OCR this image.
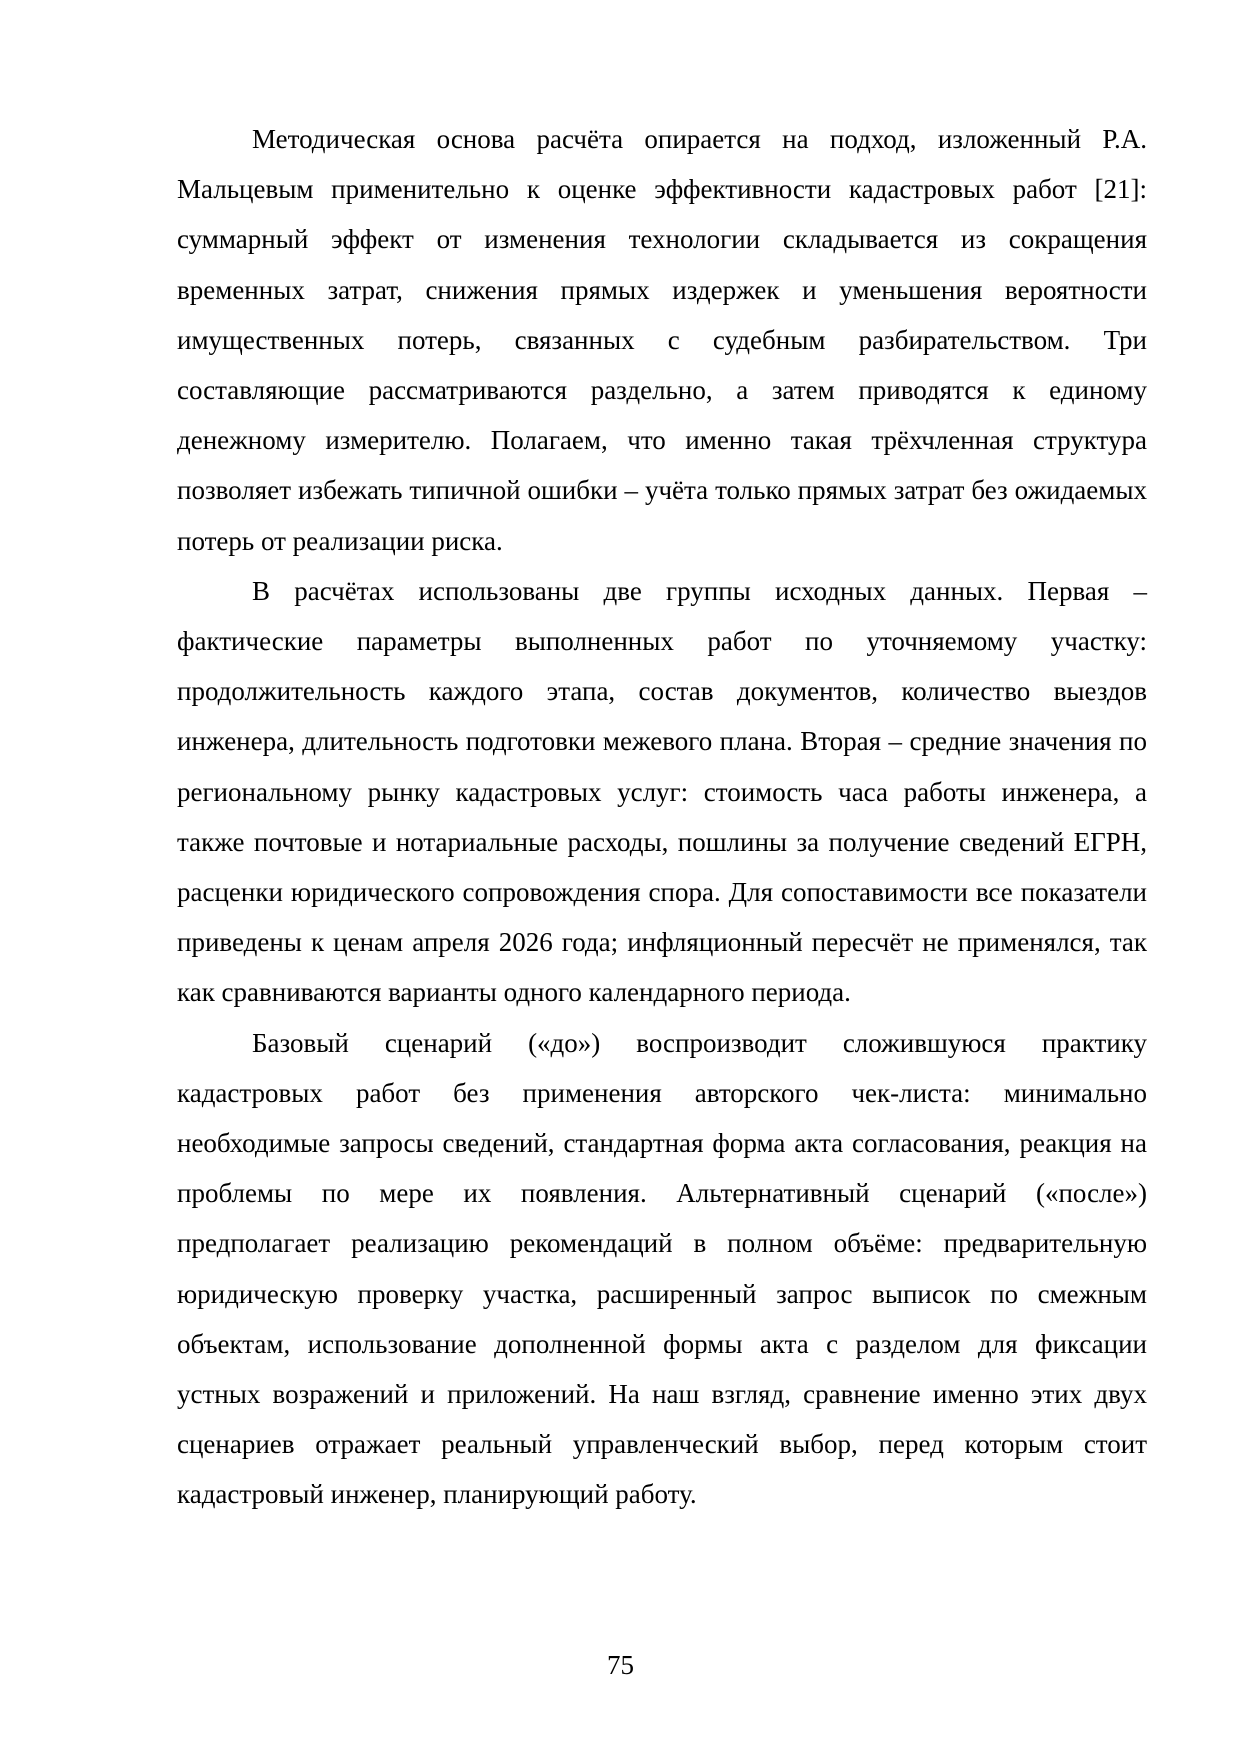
Методическая основа расчёта опирается на подход, изложенный Р.А. Мальцевым применительно к оценке эффективности кадастровых работ [21]: суммарный эффект от изменения технологии складывается из сокращения временных затрат, снижения прямых издержек и уменьшения вероятности имущественных потерь, связанных с судебным разбирательством. Три составляющие рассматриваются раздельно, а затем приводятся к единому денежному измерителю. Полагаем, что именно такая трёхчленная структура позволяет избежать типичной ошибки – учёта только прямых затрат без ожидаемых потерь от реализации риска.

В расчётах использованы две группы исходных данных. Первая – фактические параметры выполненных работ по уточняемому участку: продолжительность каждого этапа, состав документов, количество выездов инженера, длительность подготовки межевого плана. Вторая – средние значения по региональному рынку кадастровых услуг: стоимость часа работы инженера, а также почтовые и нотариальные расходы, пошлины за получение сведений ЕГРН, расценки юридического сопровождения спора. Для сопоставимости все показатели приведены к ценам апреля 2026 года; инфляционный пересчёт не применялся, так как сравниваются варианты одного календарного периода.

Базовый сценарий («до») воспроизводит сложившуюся практику кадастровых работ без применения авторского чек-листа: минимально необходимые запросы сведений, стандартная форма акта согласования, реакция на проблемы по мере их появления. Альтернативный сценарий («после») предполагает реализацию рекомендаций в полном объёме: предварительную юридическую проверку участка, расширенный запрос выписок по смежным объектам, использование дополненной формы акта с разделом для фиксации устных возражений и приложений. На наш взгляд, сравнение именно этих двух сценариев отражает реальный управленческий выбор, перед которым стоит кадастровый инженер, планирующий работу.

75
